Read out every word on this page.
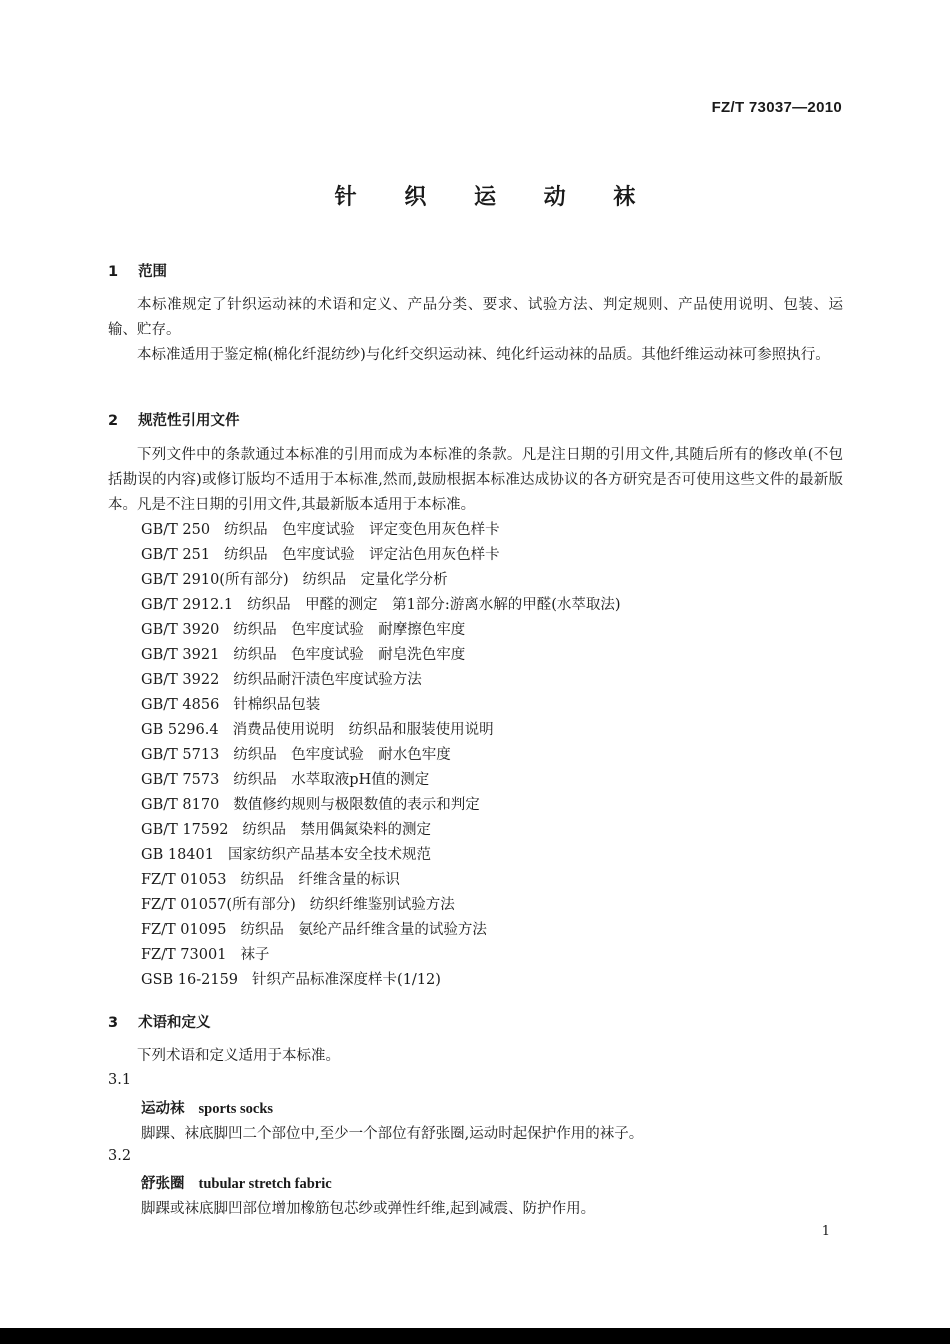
FZ/T 73037—2010
针 织 运 动 袜
1 范围
本标准规定了针织运动袜的术语和定义、产品分类、要求、试验方法、判定规则、产品使用说明、包装、运输、贮存。
本标准适用于鉴定棉(棉化纤混纺纱)与化纤交织运动袜、纯化纤运动袜的品质。其他纤维运动袜可参照执行。
2 规范性引用文件
下列文件中的条款通过本标准的引用而成为本标准的条款。凡是注日期的引用文件,其随后所有的修改单(不包括勘误的内容)或修订版均不适用于本标准,然而,鼓励根据本标准达成协议的各方研究是否可使用这些文件的最新版本。凡是不注日期的引用文件,其最新版本适用于本标准。
GB/T 250 纺织品　色牢度试验　评定变色用灰色样卡
GB/T 251 纺织品　色牢度试验　评定沾色用灰色样卡
GB/T 2910(所有部分) 纺织品　定量化学分析
GB/T 2912.1 纺织品　甲醛的测定　第1部分:游离水解的甲醛(水萃取法)
GB/T 3920 纺织品　色牢度试验　耐摩擦色牢度
GB/T 3921 纺织品　色牢度试验　耐皂洗色牢度
GB/T 3922 纺织品耐汗渍色牢度试验方法
GB/T 4856 针棉织品包装
GB 5296.4 消费品使用说明　纺织品和服装使用说明
GB/T 5713 纺织品　色牢度试验　耐水色牢度
GB/T 7573 纺织品　水萃取液pH值的测定
GB/T 8170 数值修约规则与极限数值的表示和判定
GB/T 17592 纺织品　禁用偶氮染料的测定
GB 18401 国家纺织产品基本安全技术规范
FZ/T 01053 纺织品　纤维含量的标识
FZ/T 01057(所有部分) 纺织纤维鉴别试验方法
FZ/T 01095 纺织品　氨纶产品纤维含量的试验方法
FZ/T 73001 袜子
GSB 16-2159 针织产品标准深度样卡(1/12)
3 术语和定义
下列术语和定义适用于本标准。
3.1
运动袜 sports socks
脚踝、袜底脚凹二个部位中,至少一个部位有舒张圈,运动时起保护作用的袜子。
3.2
舒张圈 tubular stretch fabric
脚踝或袜底脚凹部位增加橡筋包芯纱或弹性纤维,起到减震、防护作用。
1
